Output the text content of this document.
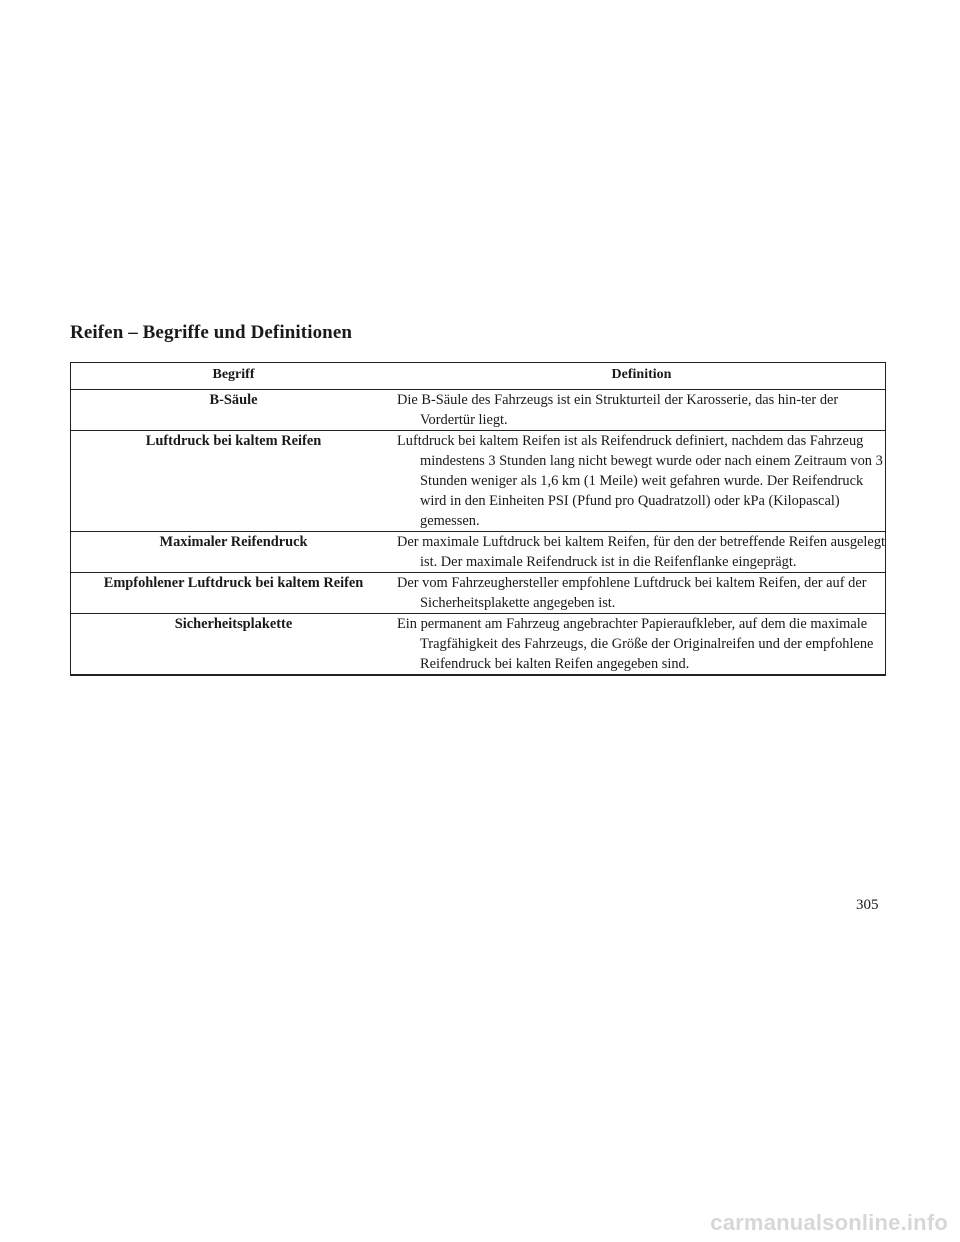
Reifen – Begriffe und Definitionen
Begriff	Definition
B-Säule	Die B-Säule des Fahrzeugs ist ein Strukturteil der Karosserie, das hin-ter der Vordertür liegt.

Luftdruck bei kaltem Reifen	Luftdruck bei kaltem Reifen ist als Reifendruck definiert, nachdem das Fahrzeug mindestens 3 Stunden lang nicht bewegt wurde oder nach einem Zeitraum von 3 Stunden weniger als 1,6 km (1 Meile) weit gefahren wurde. Der Reifendruck wird in den Einheiten PSI (Pfund pro Quadratzoll) oder kPa (Kilopascal) gemessen.

Maximaler Reifendruck	Der maximale Luftdruck bei kaltem Reifen, für den der betreffende Reifen ausgelegt ist. Der maximale Reifendruck ist in die Reifenflanke eingeprägt.

Empfohlener Luftdruck bei kaltem Reifen	Der vom Fahrzeughersteller empfohlene Luftdruck bei kaltem Reifen, der auf der Sicherheitsplakette angegeben ist.

Sicherheitsplakette	Ein permanent am Fahrzeug angebrachter Papieraufkleber, auf dem die maximale Tragfähigkeit des Fahrzeugs, die Größe der Originalreifen und der empfohlene Reifendruck bei kalten Reifen angegeben sind.
305
carmanualsonline.info
